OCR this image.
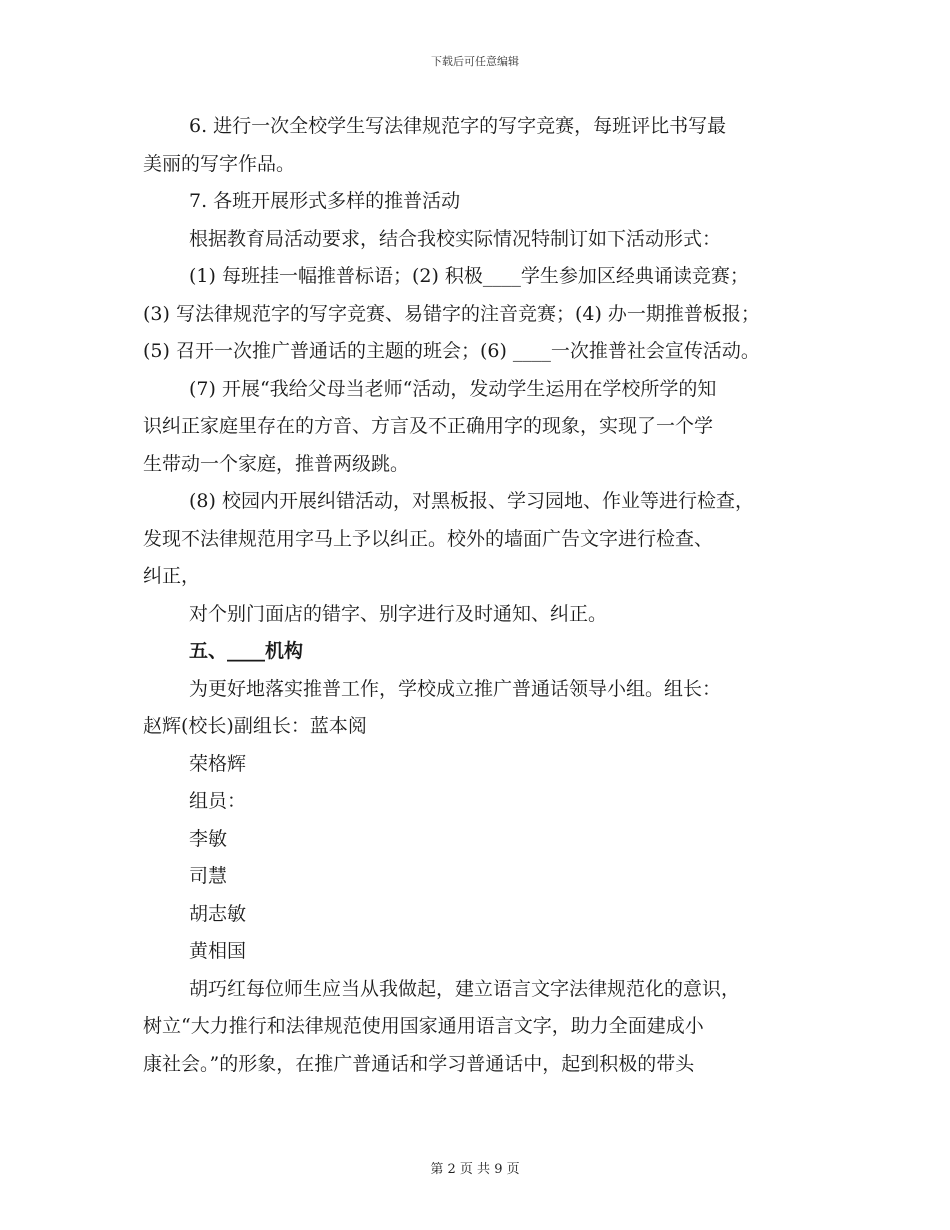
下载后可任意编辑
6. 进行一次全校学生写法律规范字的写字竞赛，每班评比书写最
美丽的写字作品。
7. 各班开展形式多样的推普活动
根据教育局活动要求，结合我校实际情况特制订如下活动形式：
(1) 每班挂一幅推普标语；(2) 积极____学生参加区经典诵读竞赛；
(3) 写法律规范字的写字竞赛、易错字的注音竞赛；(4) 办一期推普板报；
(5) 召开一次推广普通话的主题的班会；(6) ____一次推普社会宣传活动。
(7) 开展“我给父母当老师“活动，发动学生运用在学校所学的知
识纠正家庭里存在的方音、方言及不正确用字的现象，实现了一个学
生带动一个家庭，推普两级跳。
(8) 校园内开展纠错活动，对黑板报、学习园地、作业等进行检查，
发现不法律规范用字马上予以纠正。校外的墙面广告文字进行检查、
纠正，
对个别门面店的错字、别字进行及时通知、纠正。
五、____机构
为更好地落实推普工作，学校成立推广普通话领导小组。组长：
赵辉(校长)副组长：蓝本阅
荣格辉
组员：
李敏
司慧
胡志敏
黄相国
胡巧红每位师生应当从我做起，建立语言文字法律规范化的意识，
树立“大力推行和法律规范使用国家通用语言文字，助力全面建成小
康社会。”的形象，在推广普通话和学习普通话中，起到积极的带头
第 2 页 共 9 页
